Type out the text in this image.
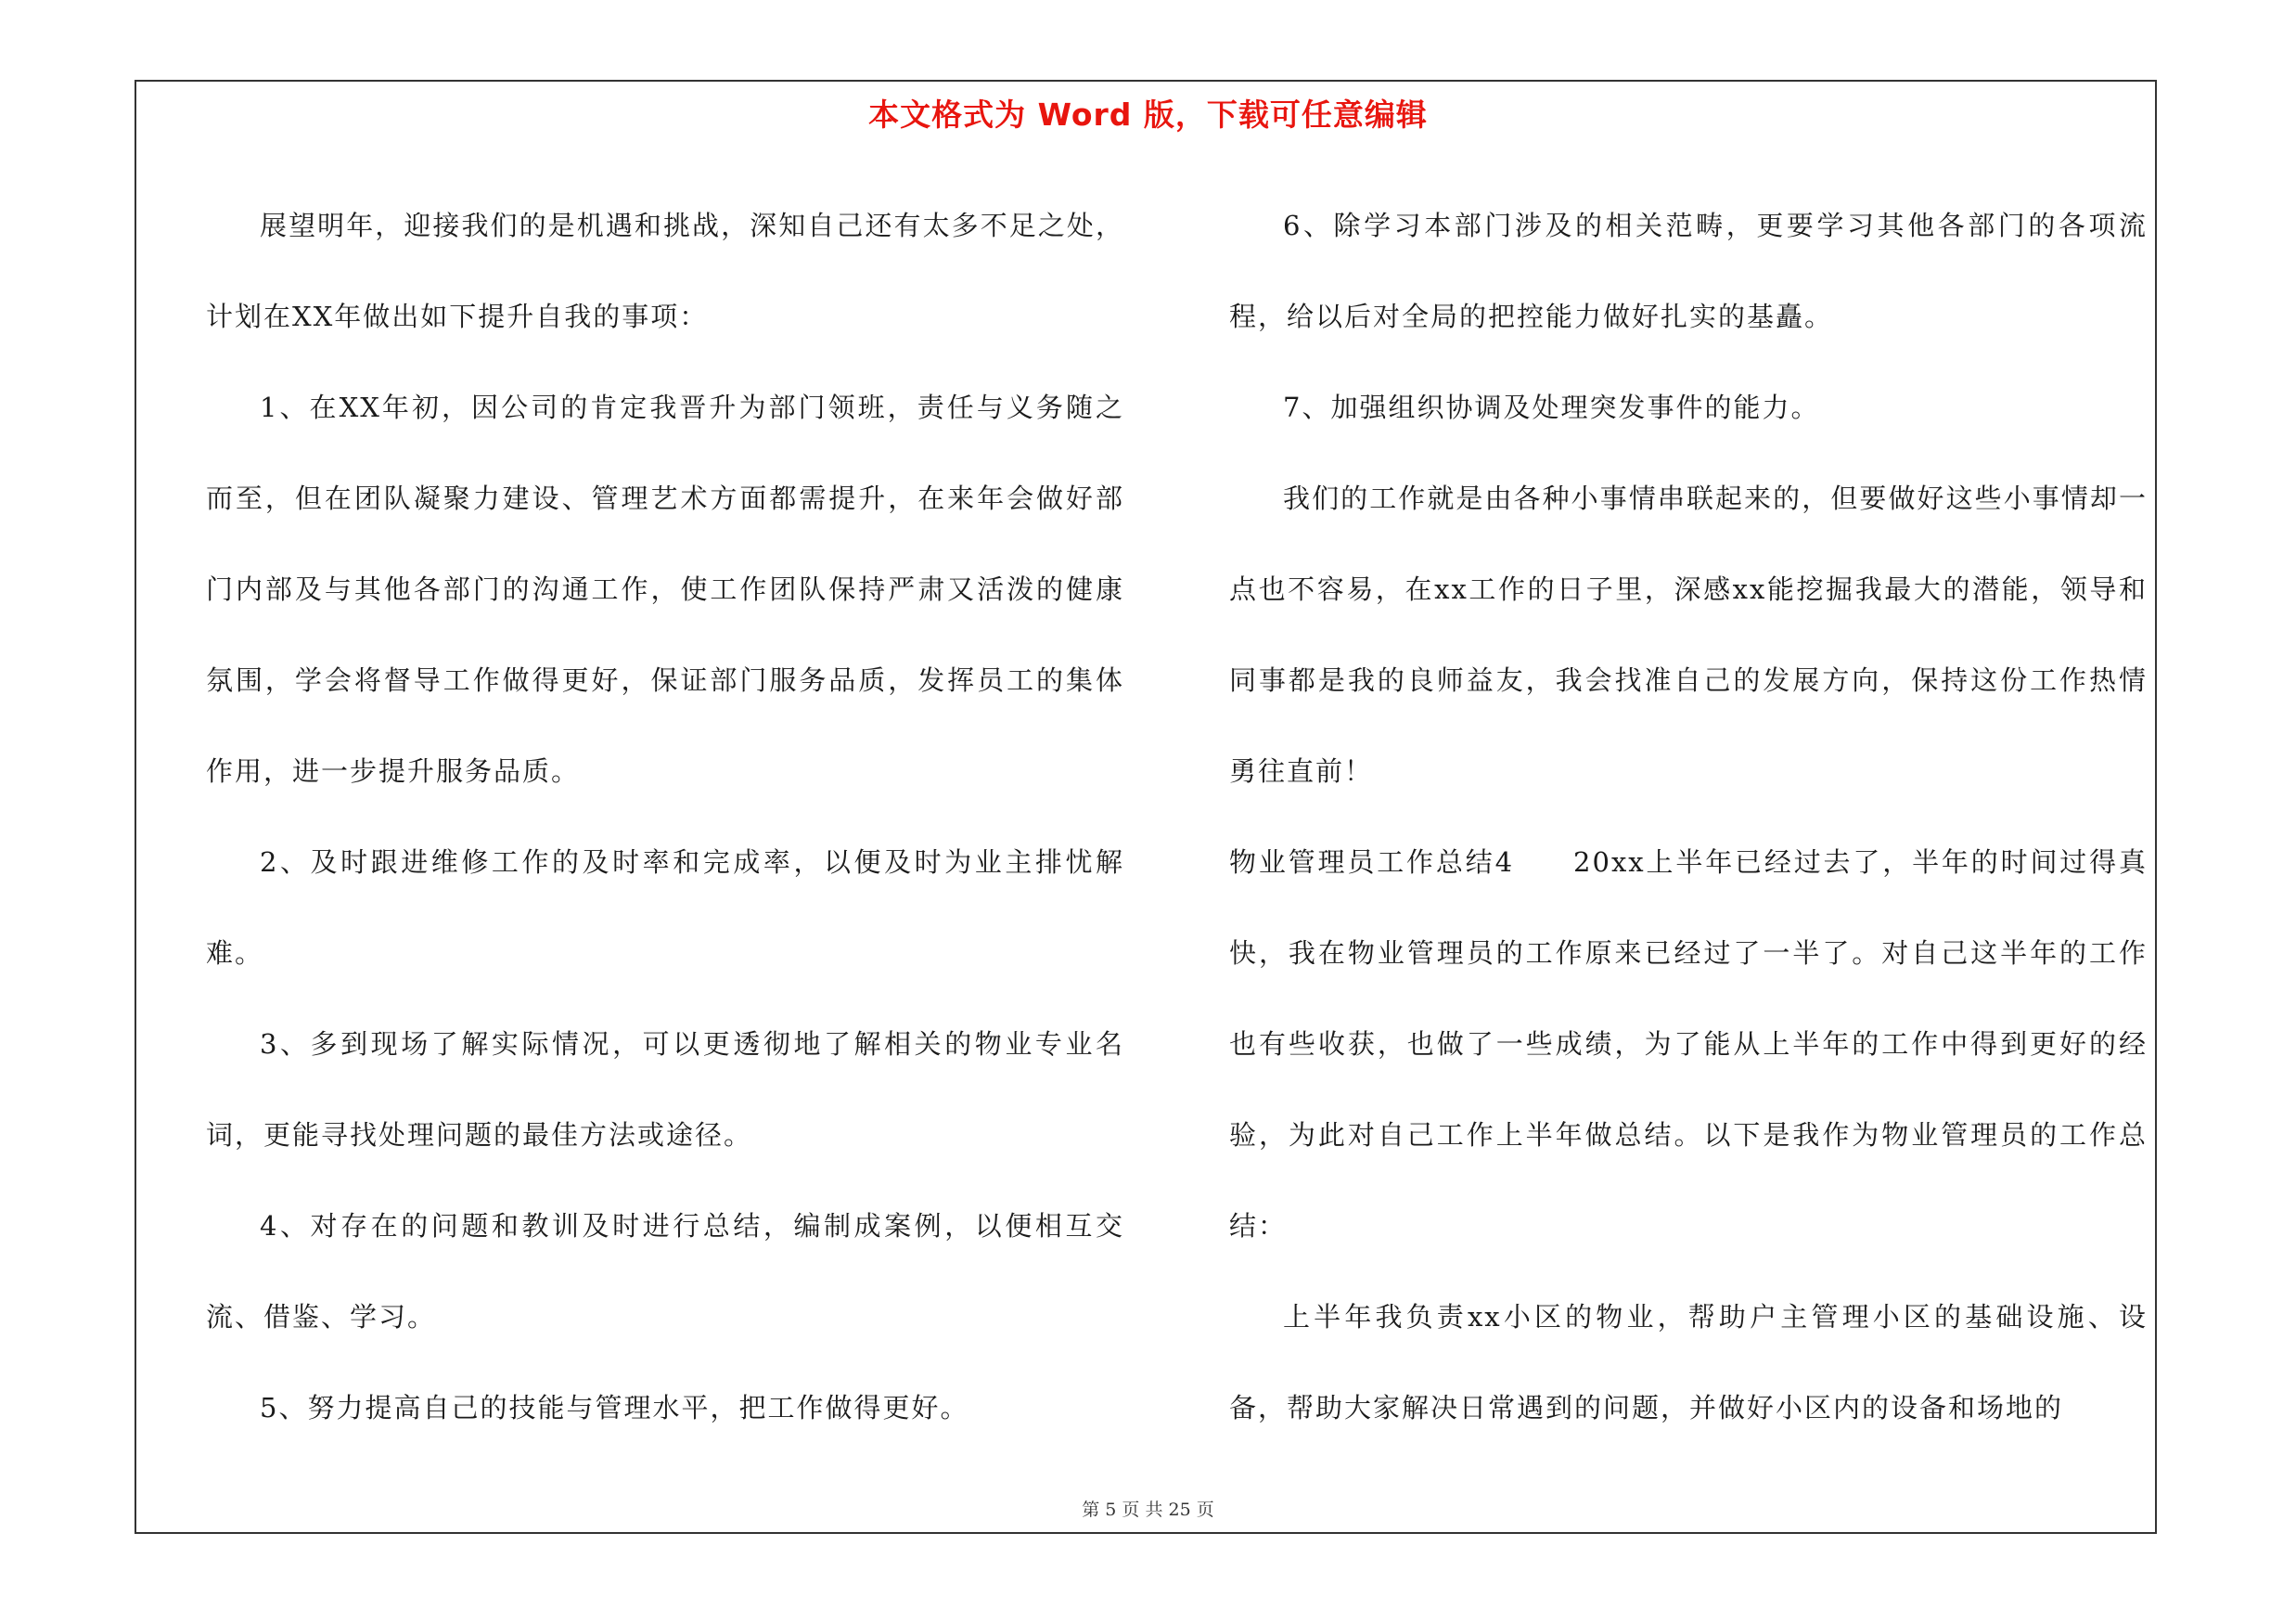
本文格式为 Word 版，下载可任意编辑

展望明年，迎接我们的是机遇和挑战，深知自己还有太多不足之处，计划在XX年做出如下提升自我的事项：

1、在XX年初，因公司的肯定我晋升为部门领班，责任与义务随之而至，但在团队凝聚力建设、管理艺术方面都需提升，在来年会做好部门内部及与其他各部门的沟通工作，使工作团队保持严肃又活泼的健康氛围，学会将督导工作做得更好，保证部门服务品质，发挥员工的集体作用，进一步提升服务品质。

2、及时跟进维修工作的及时率和完成率，以便及时为业主排忧解难。

3、多到现场了解实际情况，可以更透彻地了解相关的物业专业名词，更能寻找处理问题的最佳方法或途径。

4、对存在的问题和教训及时进行总结，编制成案例，以便相互交流、借鉴、学习。

5、努力提高自己的技能与管理水平，把工作做得更好。

6、除学习本部门涉及的相关范畴，更要学习其他各部门的各项流程，给以后对全局的把控能力做好扎实的基矗。

7、加强组织协调及处理突发事件的能力。

我们的工作就是由各种小事情串联起来的，但要做好这些小事情却一点也不容易，在xx工作的日子里，深感xx能挖掘我最大的潜能，领导和同事都是我的良师益友，我会找准自己的发展方向，保持这份工作热情勇往直前！

物业管理员工作总结4 20xx上半年已经过去了，半年的时间过得真快，我在物业管理员的工作原来已经过了一半了。对自己这半年的工作也有些收获，也做了一些成绩，为了能从上半年的工作中得到更好的经验，为此对自己工作上半年做总结。以下是我作为物业管理员的工作总结：

上半年我负责xx小区的物业，帮助户主管理小区的基础设施、设备，帮助大家解决日常遇到的问题，并做好小区内的设备和场地的

第 5 页 共 25 页
